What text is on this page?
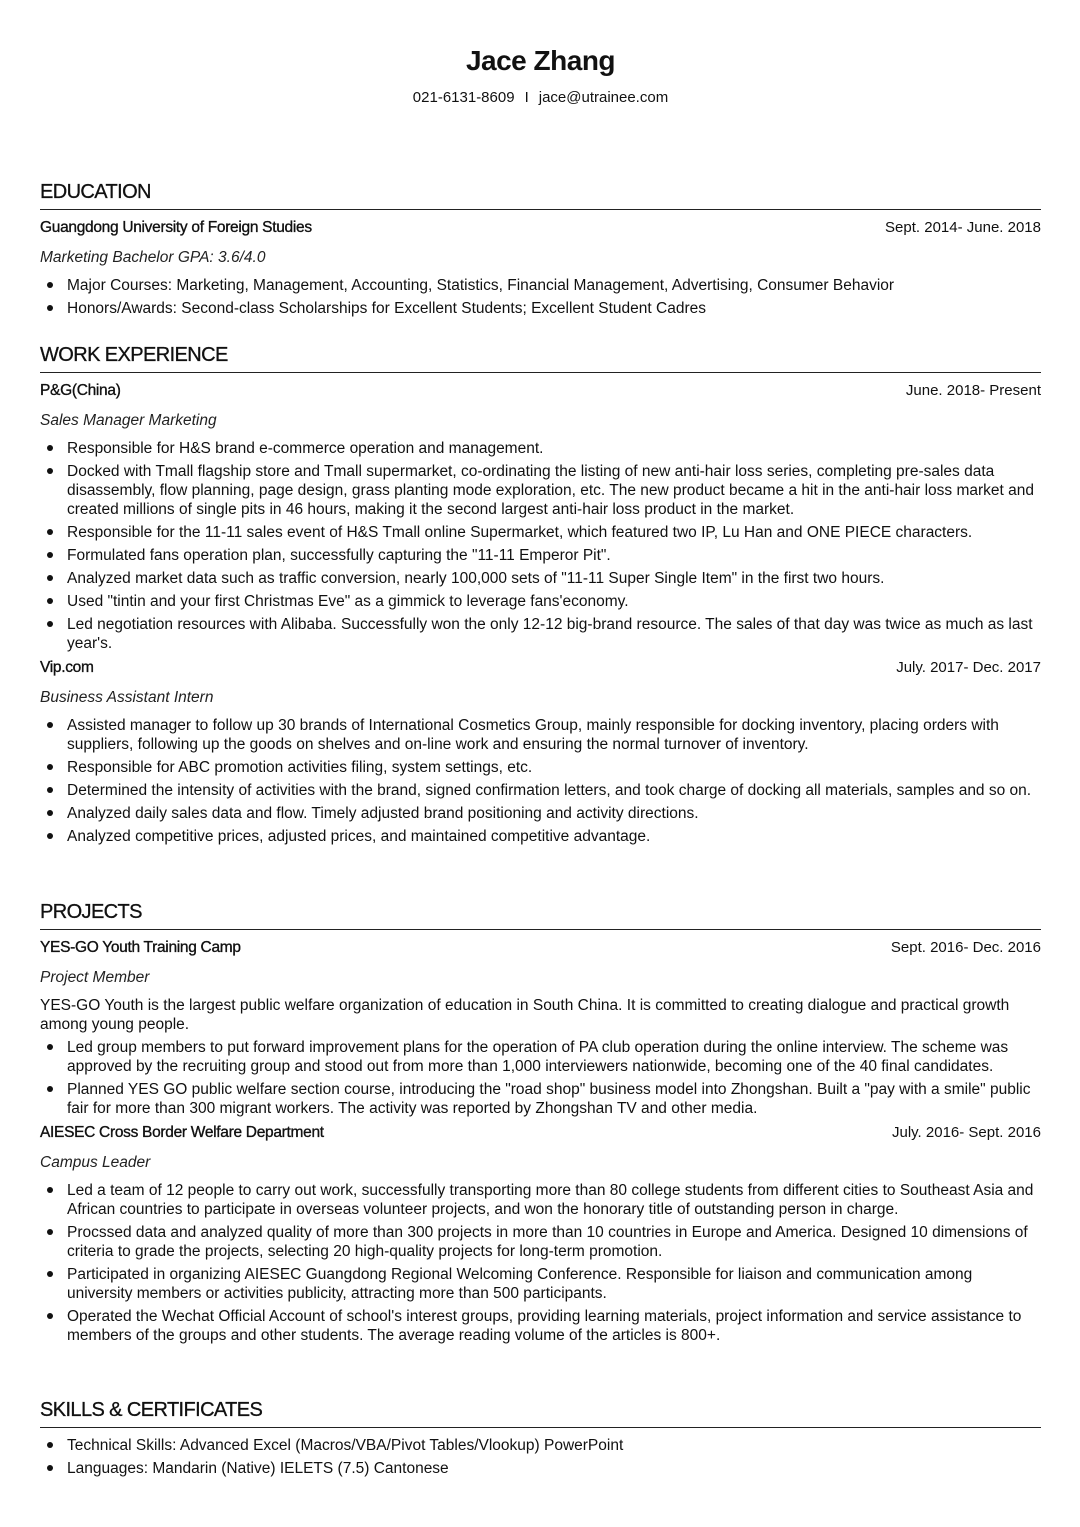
Jace Zhang
021-6131-8609 I jace@utrainee.com
EDUCATION
Guangdong University of Foreign Studies	Sept. 2014- June. 2018
Marketing Bachelor GPA: 3.6/4.0
Major Courses: Marketing, Management, Accounting, Statistics, Financial Management, Advertising, Consumer Behavior
Honors/Awards: Second-class Scholarships for Excellent Students; Excellent Student Cadres
WORK EXPERIENCE
P&G(China)	June. 2018- Present
Sales Manager Marketing
Responsible for H&S brand e-commerce operation and management.
Docked with Tmall flagship store and Tmall supermarket, co-ordinating the listing of new anti-hair loss series, completing pre-sales data disassembly, flow planning, page design, grass planting mode exploration, etc. The new product became a hit in the anti-hair loss market and created millions of single pits in 46 hours, making it the second largest anti-hair loss product in the market.
Responsible for the 11-11 sales event of H&S Tmall online Supermarket, which featured two IP, Lu Han and ONE PIECE characters.
Formulated fans operation plan, successfully capturing the "11-11 Emperor Pit".
Analyzed market data such as traffic conversion, nearly 100,000 sets of "11-11 Super Single Item" in the first two hours.
Used "tintin and your first Christmas Eve" as a gimmick to leverage fans'economy.
Led negotiation resources with Alibaba. Successfully won the only 12-12 big-brand resource. The sales of that day was twice as much as last year's.
Vip.com	July. 2017- Dec. 2017
Business Assistant Intern
Assisted manager to follow up 30 brands of International Cosmetics Group, mainly responsible for docking inventory, placing orders with suppliers, following up the goods on shelves and on-line work and ensuring the normal turnover of inventory.
Responsible for ABC promotion activities filing, system settings, etc.
Determined the intensity of activities with the brand, signed confirmation letters, and took charge of docking all materials, samples and so on.
Analyzed daily sales data and flow. Timely adjusted brand positioning and activity directions.
Analyzed competitive prices, adjusted prices, and maintained competitive advantage.
PROJECTS
YES-GO Youth Training Camp	Sept. 2016- Dec. 2016
Project Member
YES-GO Youth is the largest public welfare organization of education in South China. It is committed to creating dialogue and practical growth among young people.
Led group members to put forward improvement plans for the operation of PA club operation during the online interview. The scheme was approved by the recruiting group and stood out from more than 1,000 interviewers nationwide, becoming one of the 40 final candidates.
Planned YES GO public welfare section course, introducing the "road shop" business model into Zhongshan. Built a "pay with a smile" public fair for more than 300 migrant workers. The activity was reported by Zhongshan TV and other media.
AIESEC Cross Border Welfare Department	July. 2016- Sept. 2016
Campus Leader
Led a team of 12 people to carry out work, successfully transporting more than 80 college students from different cities to Southeast Asia and African countries to participate in overseas volunteer projects, and won the honorary title of outstanding person in charge.
Procssed data and analyzed quality of more than 300 projects in more than 10 countries in Europe and America. Designed 10 dimensions of criteria to grade the projects, selecting 20 high-quality projects for long-term promotion.
Participated in organizing AIESEC Guangdong Regional Welcoming Conference. Responsible for liaison and communication among university members or activities publicity, attracting more than 500 participants.
Operated the Wechat Official Account of school's interest groups, providing learning materials, project information and service assistance to members of the groups and other students. The average reading volume of the articles is 800+.
SKILLS & CERTIFICATES
Technical Skills: Advanced Excel (Macros/VBA/Pivot Tables/Vlookup) PowerPoint
Languages: Mandarin (Native) IELETS (7.5) Cantonese
